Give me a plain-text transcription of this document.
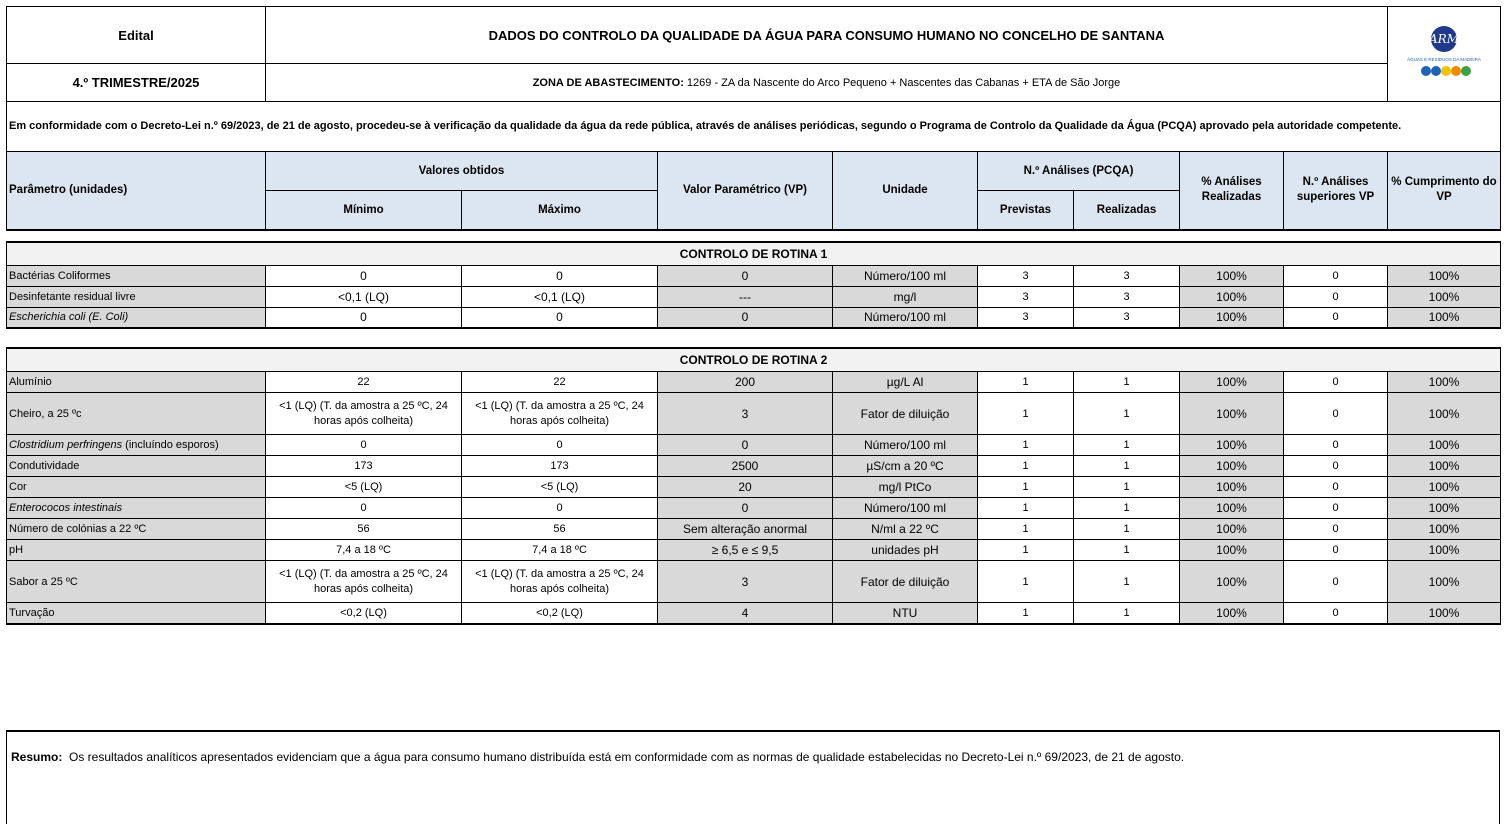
Edital	DADOS DO CONTROLO DA QUALIDADE DA ÁGUA PARA CONSUMO HUMANO NO CONCELHO DE SANTANA								ARM
ÁGUAS E RESÍDUOS DA MADEIRA

4.º TRIMESTRE/2025	ZONA DE ABASTECIMENTO: 1269 - ZA da Nascente do Arco Pequeno + Nascentes das Cabanas + ETA de São Jorge								
Em conformidade com o Decreto-Lei n.º 69/2023, de 21 de agosto, procedeu-se à verificação da qualidade da água da rede pública, através de análises periódicas, segundo o Programa de Controlo da Qualidade da Água (PCQA) aprovado pela autoridade competente.									
Parâmetro (unidades)	Valores obtidos		Valor Paramétrico (VP)	Unidade	N.º Análises (PCQA)		% Análises Realizadas	N.º Análises superiores VP	% Cumprimento do VP
	Mínimo	Máximo			Previstas	Realizadas			

CONTROLO DE ROTINA 1									
Bactérias Coliformes	0	0	0	Número/100 ml	3	3	100%	0	100%
Desinfetante residual livre	<0,1 (LQ)	<0,1 (LQ)	---	mg/l	3	3	100%	0	100%
Escherichia coli (E. Coli)	0	0	0	Número/100 ml	3	3	100%	0	100%

CONTROLO DE ROTINA 2									
Alumínio	22	22	200	µg/L Al	1	1	100%	0	100%
Cheiro, a 25 ºc	<1 (LQ) (T. da amostra a 25 ºC, 24 horas após colheita)	<1 (LQ) (T. da amostra a 25 ºC, 24 horas após colheita)	3	Fator de diluição	1	1	100%	0	100%
Clostridium perfringens (incluíndo esporos)	0	0	0	Número/100 ml	1	1	100%	0	100%
Condutividade	173	173	2500	µS/cm a 20 ºC	1	1	100%	0	100%
Cor	<5 (LQ)	<5 (LQ)	20	mg/l PtCo	1	1	100%	0	100%
Enterococos intestinais	0	0	0	Número/100 ml	1	1	100%	0	100%
Número de colónias a 22 ºC	56	56	Sem alteração anormal	N/ml a 22 ºC	1	1	100%	0	100%
pH	7,4 a 18 ºC	7,4 a 18 ºC	≥ 6,5 e ≤ 9,5	unidades pH	1	1	100%	0	100%
Sabor a 25 ºC	<1 (LQ) (T. da amostra a 25 ºC, 24 horas após colheita)	<1 (LQ) (T. da amostra a 25 ºC, 24 horas após colheita)	3	Fator de diluição	1	1	100%	0	100%
Turvação	<0,2 (LQ)	<0,2 (LQ)	4	NTU	1	1	100%	0	100%

Resumo: Os resultados analíticos apresentados evidenciam que a água para consumo humano distribuída está em conformidade com as normas de qualidade estabelecidas no Decreto-Lei n.º 69/2023, de 21 de agosto.
